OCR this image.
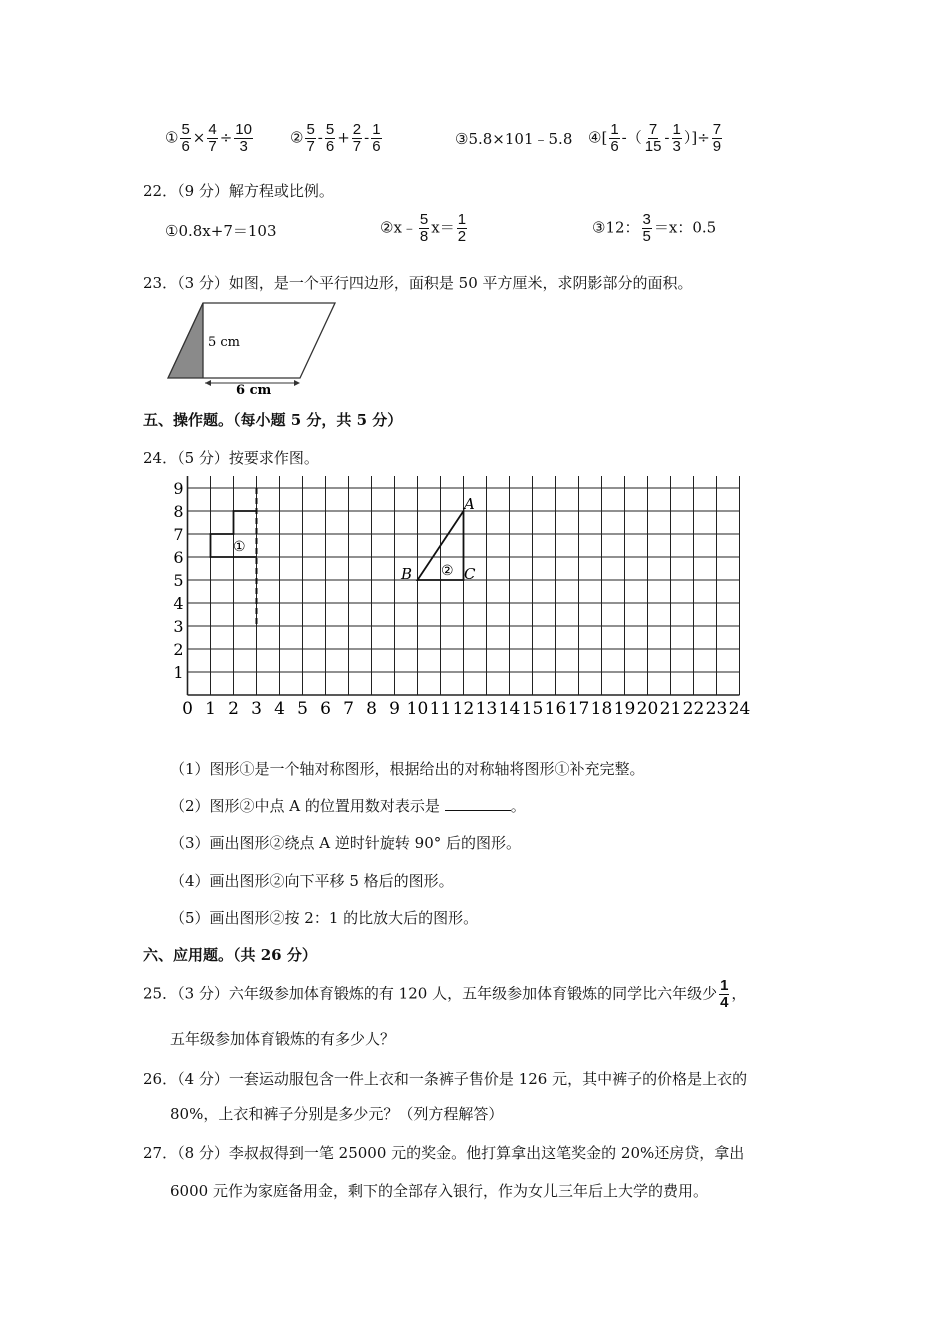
① $\frac{5}{6} \times \frac{4}{7} \div \frac{10}{3}$ ② $\frac{5}{7} - \frac{5}{6} + \frac{2}{7} - \frac{1}{6}$	③5.8×101﹣5.8 ④[ $\frac{1}{6}$ -（ $\frac{7}{15} - \frac{1}{3}$ ）]÷ $\frac{7}{9}$
22．（9 分）解方程或比例。
①0.8x+7＝103	②x﹣ $\frac{5}{8} x= \frac{1}{2}$	③12： $\frac{3}{5} =x$：0.5
23．（3 分）如图，是一个平行四边形，面积是 50 平方厘米，求阴影部分的面积。
5 cm
6 cm
五、操作题。（每小题 5 分，共 5 分）
24．（5 分）按要求作图。
0 1 2 3 4 5 6 7 8 9 10 11 12 13 14 15 16 17 18 19 20 21 22 23 24
1
2
3
4
5
6
7
8
9
①
②
A
B	C
（1）图形①是一个轴对称图形，根据给出的对称轴将图形①补充完整。
（2）图形②中点 A 的位置用数对表示是	。
（3）画出图形②绕点 A 逆时针旋转 90° 后的图形。
（4）画出图形②向下平移 5 格后的图形。
（5）画出图形②按 2：1 的比放大后的图形。
六、应用题。（共 26 分）
25．（3 分）六年级参加体育锻炼的有 120 人，五年级参加体育锻炼的同学比六年级少 $\frac{1}{4}$ ，
五年级参加体育锻炼的有多少人？
26．（4 分）一套运动服包含一件上衣和一条裤子售价是 126 元，其中裤子的价格是上衣的
80%，上衣和裤子分别是多少元？（列方程解答）
27．（8 分）李叔叔得到一笔 25000 元的奖金。他打算拿出这笔奖金的 20%还房贷，拿出
6000 元作为家庭备用金，剩下的全部存入银行，作为女儿三年后上大学的费用。
